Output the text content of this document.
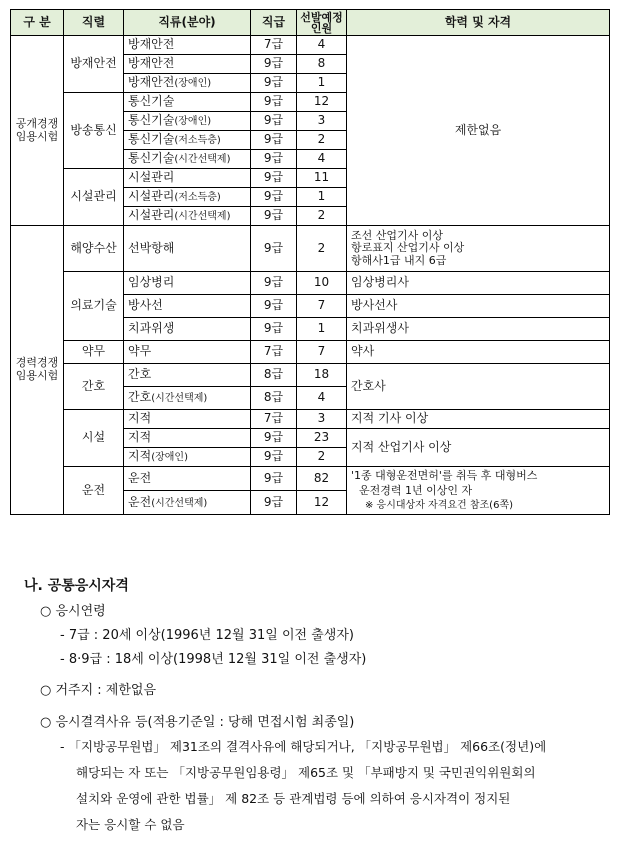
구 분	직렬	직류(분야)	직급	선발예정
인원	학력 및 자격
공개경쟁
임용시험	방재안전	방재안전	7급	4	제한없음
		방재안전	9급	8	
		방재안전(장애인)	9급	1	
	방송통신	통신기술	9급	12	
		통신기술(장애인)	9급	3	
		통신기술(저소득층)	9급	2	
		통신기술(시간선택제)	9급	4	
	시설관리	시설관리	9급	11	
		시설관리(저소득층)	9급	1	
		시설관리(시간선택제)	9급	2	
경력경쟁
임용시험	해양수산	선박항해	9급	2	조선 산업기사 이상
항로표지 산업기사 이상
항해사1급 내지 6급
	의료기술	임상병리	9급	10	임상병리사
		방사선	9급	7	방사선사
		치과위생	9급	1	치과위생사
	약무	약무	7급	7	약사
	간호	간호	8급	18	간호사
		간호(시간선택제)	8급	4	
	시설	지적	7급	3	지적 기사 이상
		지적	9급	23	지적 산업기사 이상
		지적(장애인)	9급	2	
	운전	운전	9급	82	'1종 대형운전면허'를 취득 후 대형버스
운전경력 1년 이상인 자
※ 응시대상자 자격요건 참조(6쪽)

		운전(시간선택제)	9급	12	

나. 공통응시자격
○ 응시연령
- 7급 : 20세 이상(1996년 12월 31일 이전 출생자)
- 8·9급 : 18세 이상(1998년 12월 31일 이전 출생자)
○ 거주지 : 제한없음
○ 응시결격사유 등(적용기준일 : 당해 면접시험 최종일)
- 「지방공무원법」 제31조의 결격사유에 해당되거나, 「지방공무원법」 제66조(정년)에
해당되는 자 또는 「지방공무원임용령」 제65조 및 「부패방지 및 국민권익위원회의
설치와 운영에 관한 법률」 제 82조 등 관계법령 등에 의하여 응시자격이 정지된
자는 응시할 수 없음
